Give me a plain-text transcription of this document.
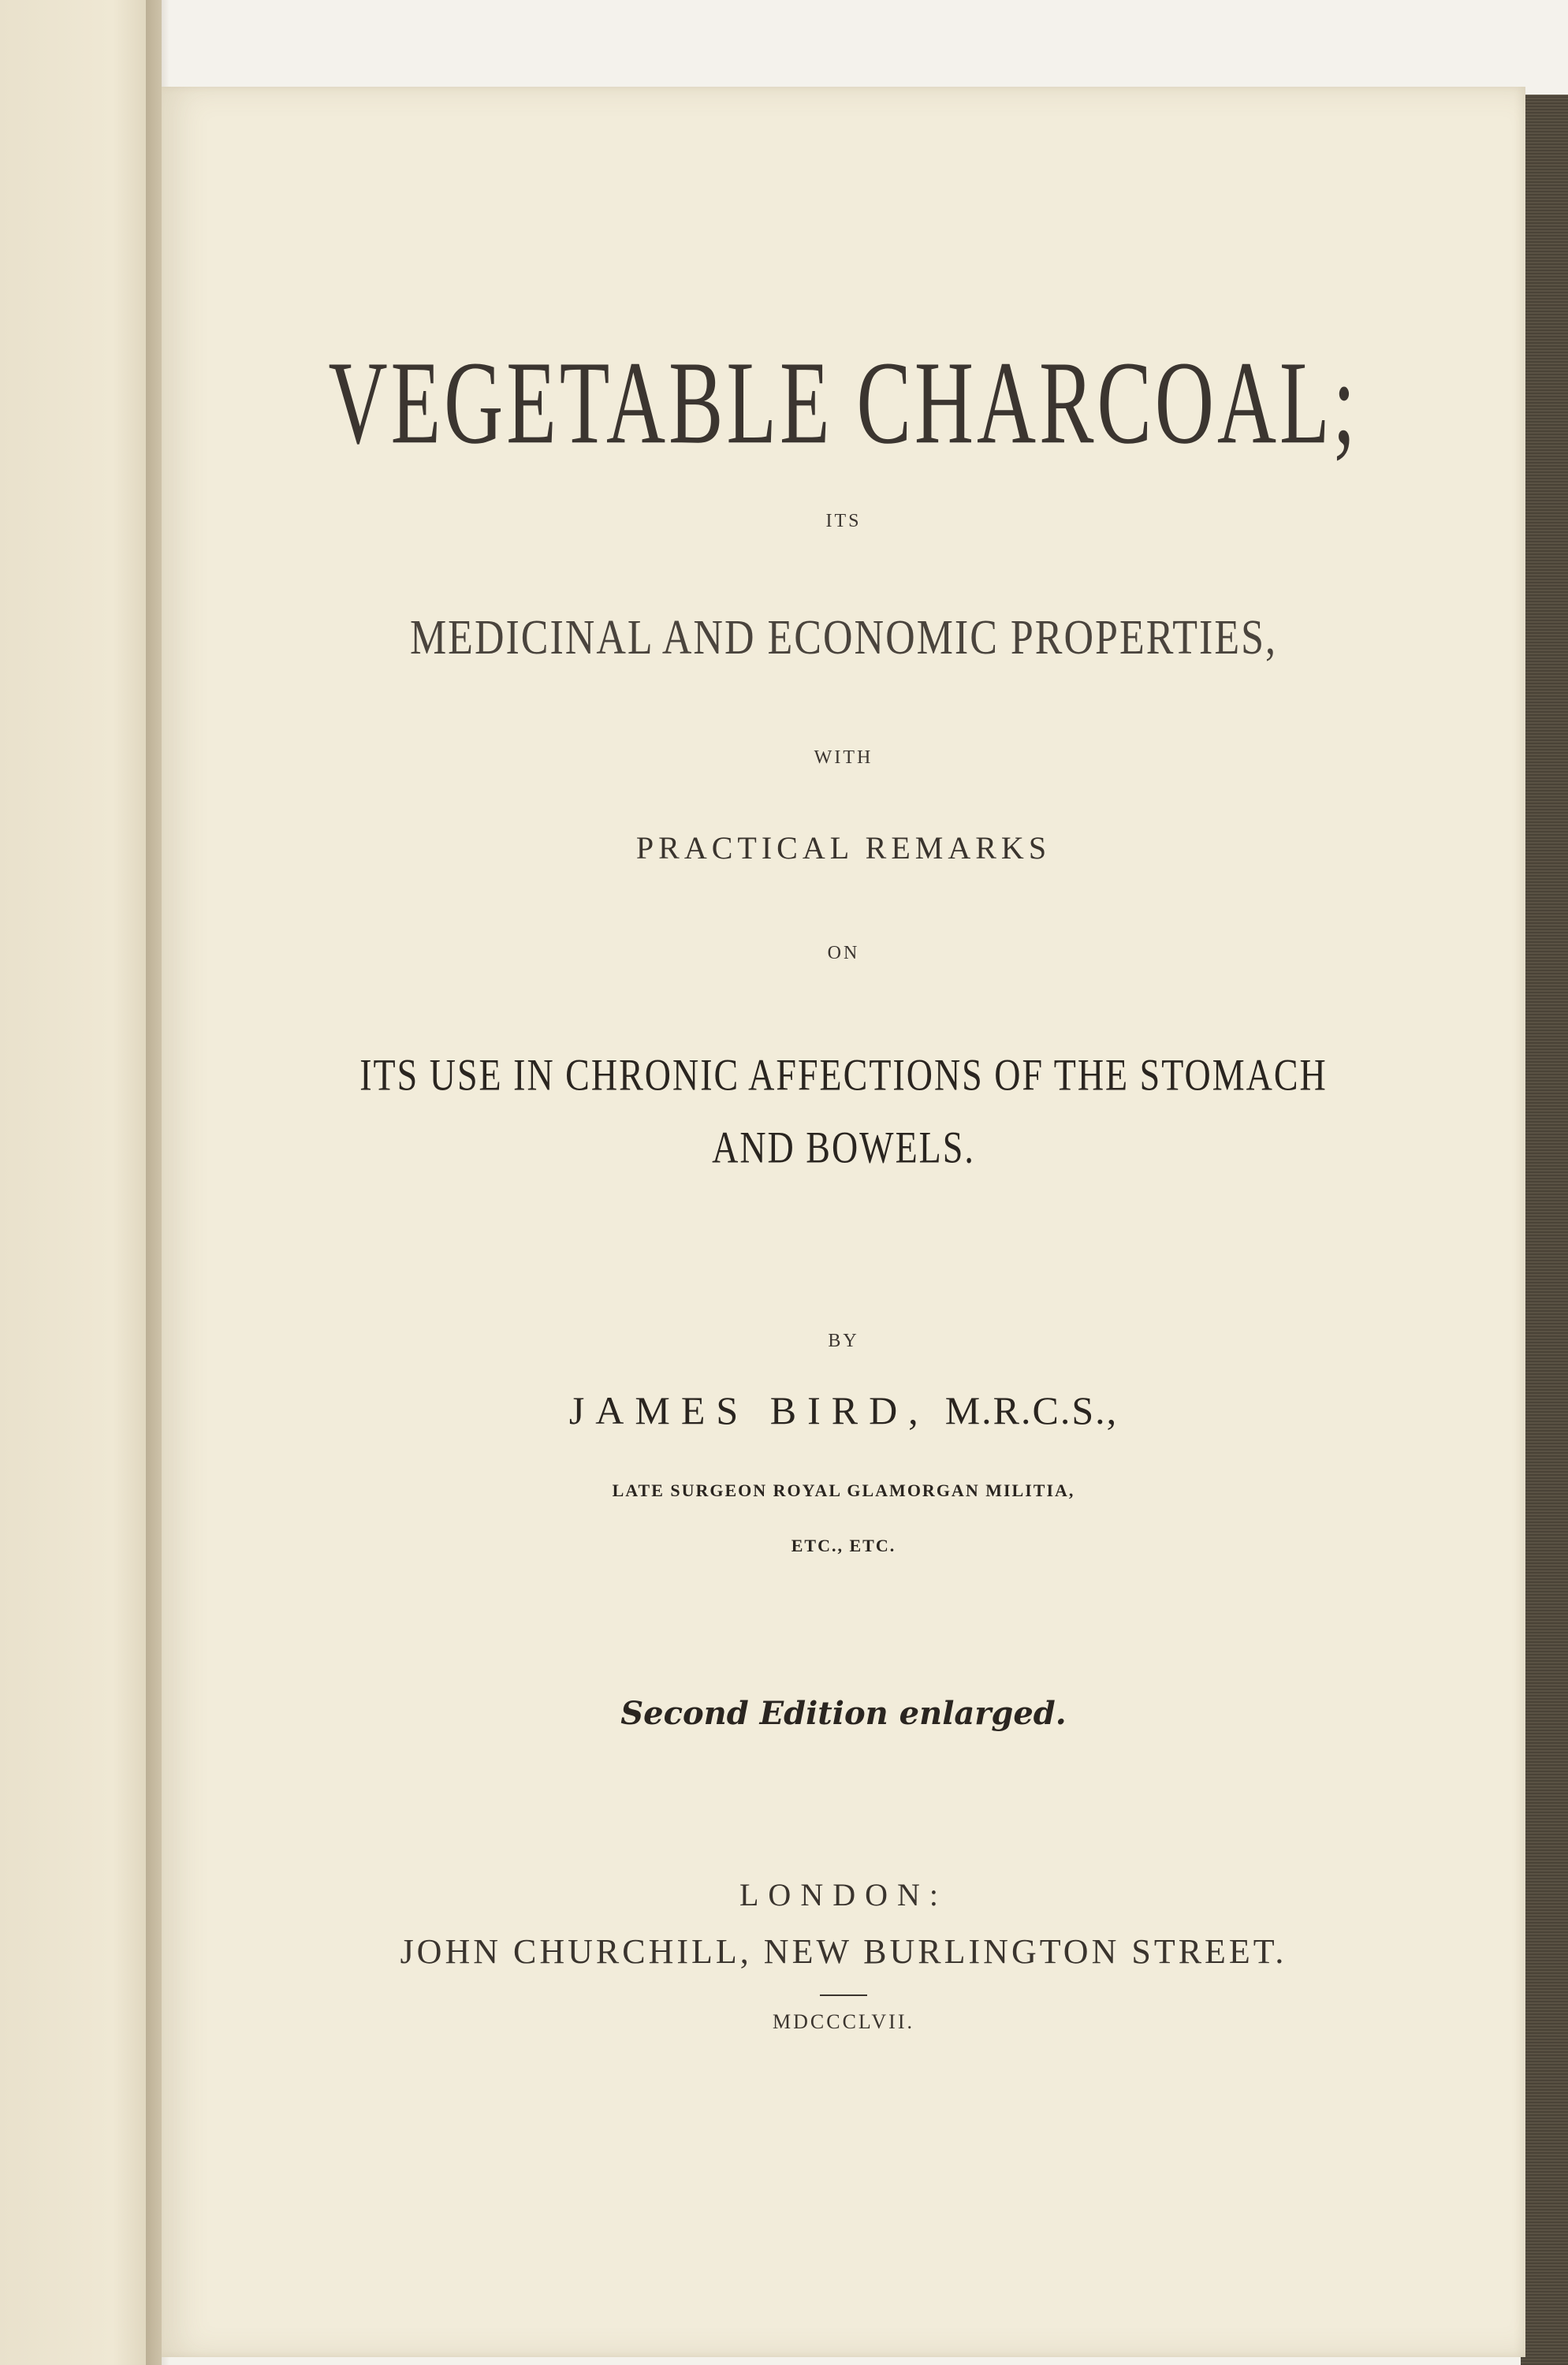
VEGETABLE CHARCOAL;
ITS
MEDICINAL AND ECONOMIC PROPERTIES,
WITH
PRACTICAL REMARKS
ON
ITS USE IN CHRONIC AFFECTIONS OF THE STOMACH
AND BOWELS.
BY
JAMES BIRD, M.R.C.S.,
LATE SURGEON ROYAL GLAMORGAN MILITIA,
ETC., ETC.
Second Edition enlarged.
LONDON:
JOHN CHURCHILL, NEW BURLINGTON STREET.
MDCCCLVII.
